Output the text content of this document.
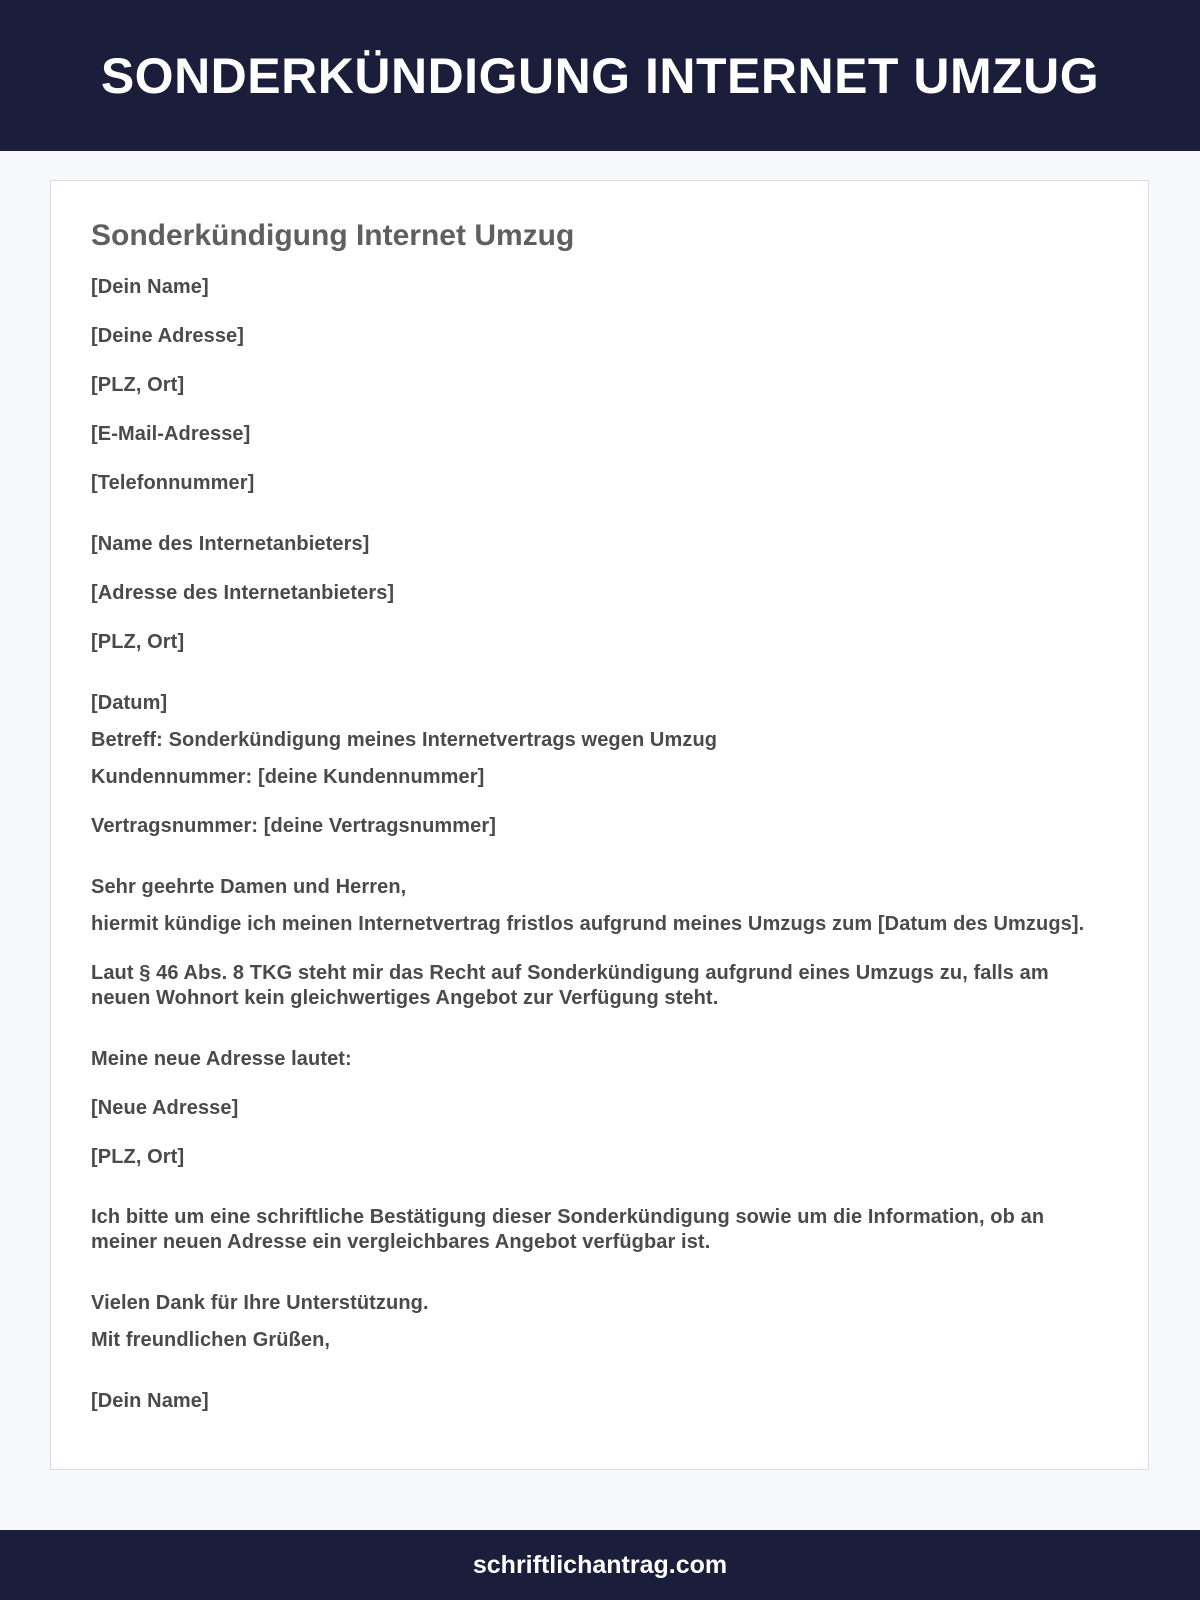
SONDERKÜNDIGUNG INTERNET UMZUG
Sonderkündigung Internet Umzug

[Dein Name]

[Deine Adresse]

[PLZ, Ort]

[E-Mail-Adresse]

[Telefonnummer]

[Name des Internetanbieters]

[Adresse des Internetanbieters]

[PLZ, Ort]

[Datum]

Betreff: Sonderkündigung meines Internetvertrags wegen Umzug

Kundennummer: [deine Kundennummer]

Vertragsnummer: [deine Vertragsnummer]

Sehr geehrte Damen und Herren,

hiermit kündige ich meinen Internetvertrag fristlos aufgrund meines Umzugs zum [Datum des Umzugs].

Laut § 46 Abs. 8 TKG steht mir das Recht auf Sonderkündigung aufgrund eines Umzugs zu, falls am neuen Wohnort kein gleichwertiges Angebot zur Verfügung steht.

Meine neue Adresse lautet:

[Neue Adresse]

[PLZ, Ort]

Ich bitte um eine schriftliche Bestätigung dieser Sonderkündigung sowie um die Information, ob an meiner neuen Adresse ein vergleichbares Angebot verfügbar ist.

Vielen Dank für Ihre Unterstützung.

Mit freundlichen Grüßen,

[Dein Name]

schriftlichantrag.com
